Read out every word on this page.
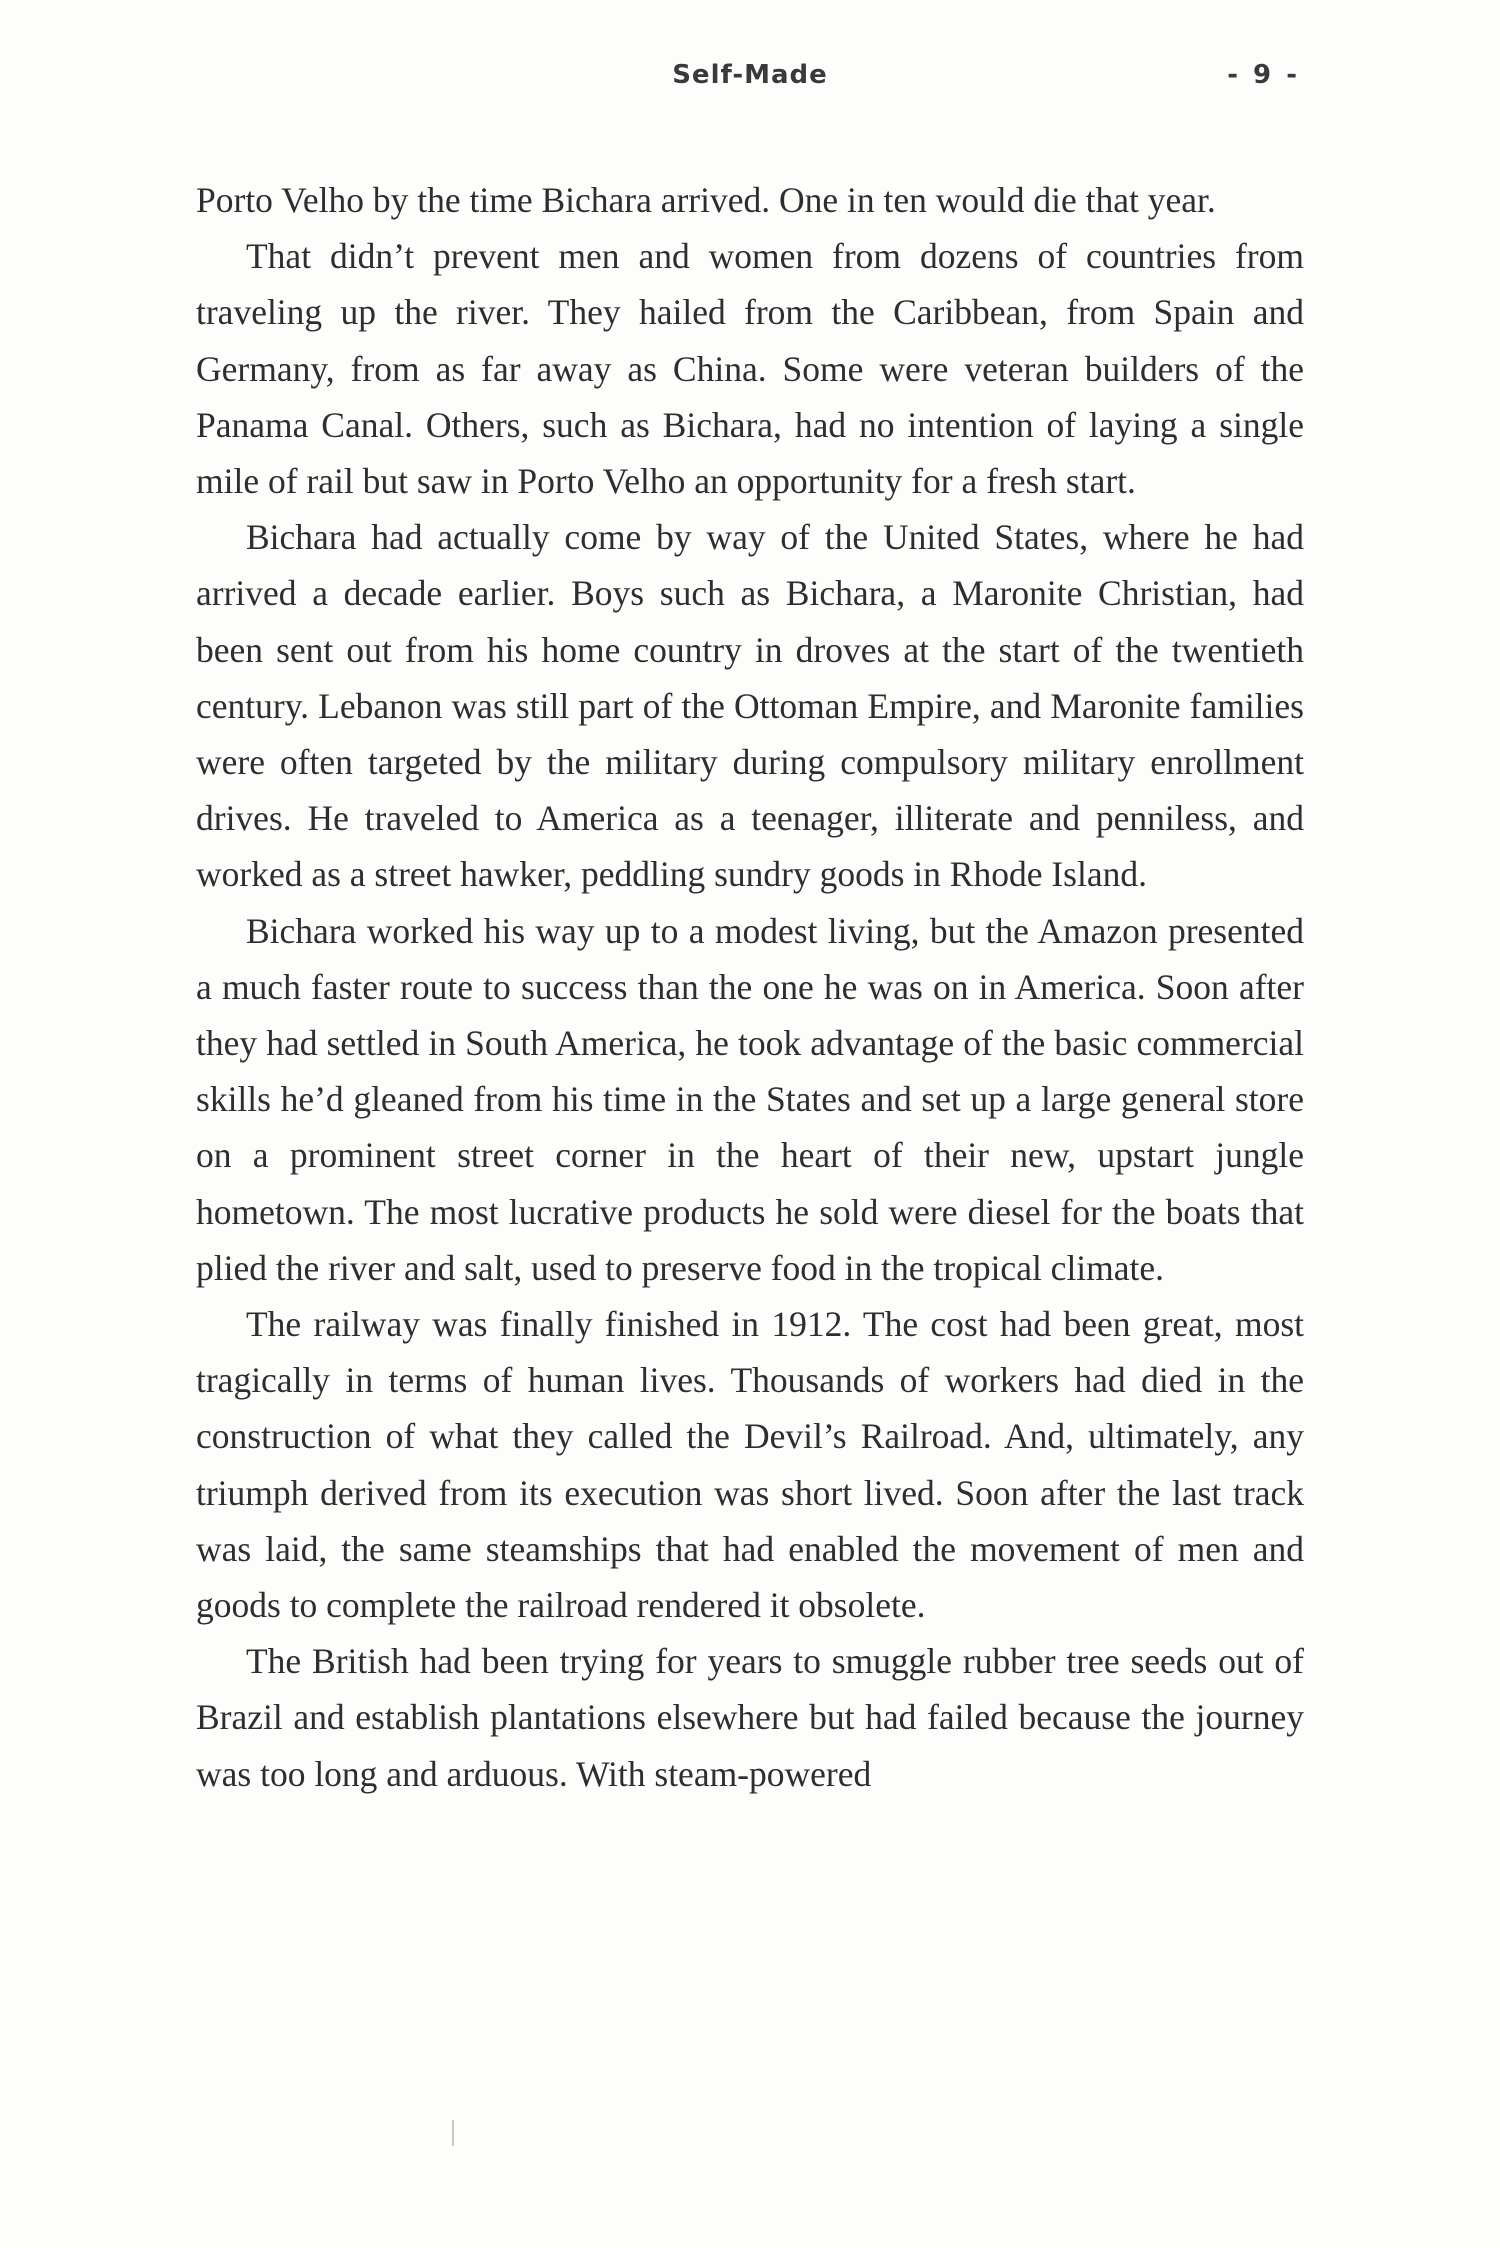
Self-Made	- 9 -

Porto Velho by the time Bichara arrived. One in ten would die that year.

That didn’t prevent men and women from dozens of countries from traveling up the river. They hailed from the Caribbean, from Spain and Germany, from as far away as China. Some were veteran builders of the Panama Canal. Others, such as Bichara, had no intention of laying a single mile of rail but saw in Porto Velho an opportunity for a fresh start.

Bichara had actually come by way of the United States, where he had arrived a decade earlier. Boys such as Bichara, a Maronite Christian, had been sent out from his home country in droves at the start of the twentieth century. Lebanon was still part of the Ottoman Empire, and Maronite families were often targeted by the military during compulsory military enrollment drives. He traveled to America as a teenager, illiterate and penniless, and worked as a street hawker, peddling sundry goods in Rhode Island.

Bichara worked his way up to a modest living, but the Amazon presented a much faster route to success than the one he was on in America. Soon after they had settled in South America, he took advantage of the basic commercial skills he’d gleaned from his time in the States and set up a large general store on a prominent street corner in the heart of their new, upstart jungle hometown. The most lucrative products he sold were diesel for the boats that plied the river and salt, used to preserve food in the tropical climate.

The railway was finally finished in 1912. The cost had been great, most tragically in terms of human lives. Thousands of workers had died in the construction of what they called the Devil’s Railroad. And, ultimately, any triumph derived from its execution was short lived. Soon after the last track was laid, the same steamships that had enabled the movement of men and goods to complete the railroad rendered it obsolete.

The British had been trying for years to smuggle rubber tree seeds out of Brazil and establish plantations elsewhere but had failed because the journey was too long and arduous. With steam-powered
